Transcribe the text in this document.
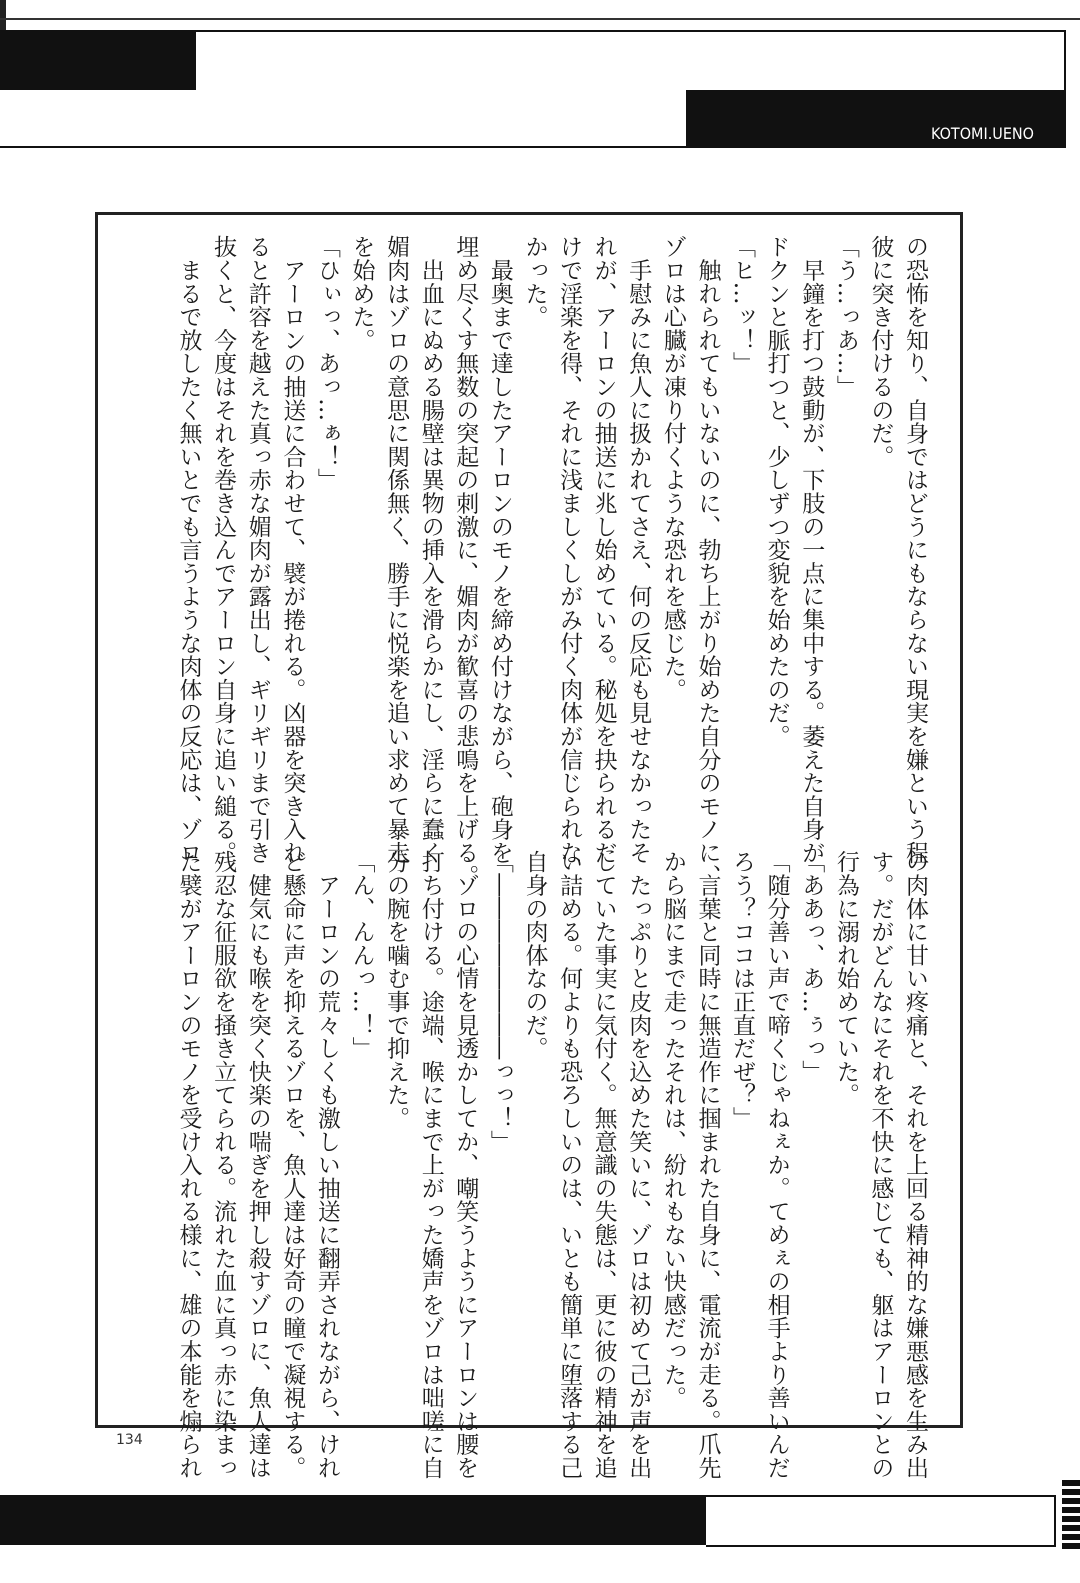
KOTOMI.UENO
の恐怖を知り、自身ではどうにもならない現実を嫌という程
彼に突き付けるのだ。
「う…っあ…」
　早鐘を打つ鼓動が、下肢の一点に集中する。萎えた自身が
ドクンと脈打つと、少しずつ変貌を始めたのだ。
「ヒ…ッ！」
　触れられてもいないのに、勃ち上がり始めた自分のモノに、
ゾロは心臓が凍り付くような恐れを感じた。
　手慰みに魚人に扱かれてさえ、何の反応も見せなかったそ
れが、アーロンの抽送に兆し始めている。秘処を抉られるだ
けで淫楽を得、それに浅ましくしがみ付く肉体が信じられな
かった。
　最奥まで達したアーロンのモノを締め付けながら、砲身を
埋め尽くす無数の突起の刺激に、媚肉が歓喜の悲鳴を上げる。
　出血にぬめる腸壁は異物の挿入を滑らかにし、淫らに蠢く
媚肉はゾロの意思に関係無く、勝手に悦楽を追い求めて暴走
を始めた。
「ひぃっ、あっ…ぁ！」
　アーロンの抽送に合わせて、襞が捲れる。凶器を突き入れ
ると許容を越えた真っ赤な媚肉が露出し、ギリギリまで引き
抜くと、今度はそれを巻き込んでアーロン自身に追い縋る。
　まるで放したく無いとでも言うような肉体の反応は、ゾロ
の肉体に甘い疼痛と、それを上回る精神的な嫌悪感を生み出
す。だがどんなにそれを不快に感じても、躯はアーロンとの
行為に溺れ始めていた。
「ああっ、あ…ぅっ」
「随分善い声で啼くじゃねぇか。てめぇの相手より善いんだ
ろう？ココは正直だぜ？」
　言葉と同時に無造作に掴まれた自身に、電流が走る。爪先
から脳にまで走ったそれは、紛れもない快感だった。
　たっぷりと皮肉を込めた笑いに、ゾロは初めて己が声を出
していた事実に気付く。無意識の失態は、更に彼の精神を追
い詰める。何よりも恐ろしいのは、いとも簡単に堕落する己
自身の肉体なのだ。
「――――――――っっ！」
　ゾロの心情を見透かしてか、嘲笑うようにアーロンは腰を
打ち付ける。途端、喉にまで上がった嬌声をゾロは咄嗟に自
分の腕を噛む事で抑えた。
「ん、んんっ…！」
　アーロンの荒々しくも激しい抽送に翻弄されながら、けれ
ど懸命に声を抑えるゾロを、魚人達は好奇の瞳で凝視する。
　健気にも喉を突く快楽の喘ぎを押し殺すゾロに、魚人達は
残忍な征服欲を掻き立てられる。流れた血に真っ赤に染まっ
た襞がアーロンのモノを受け入れる様に、雄の本能を煽られ
134
